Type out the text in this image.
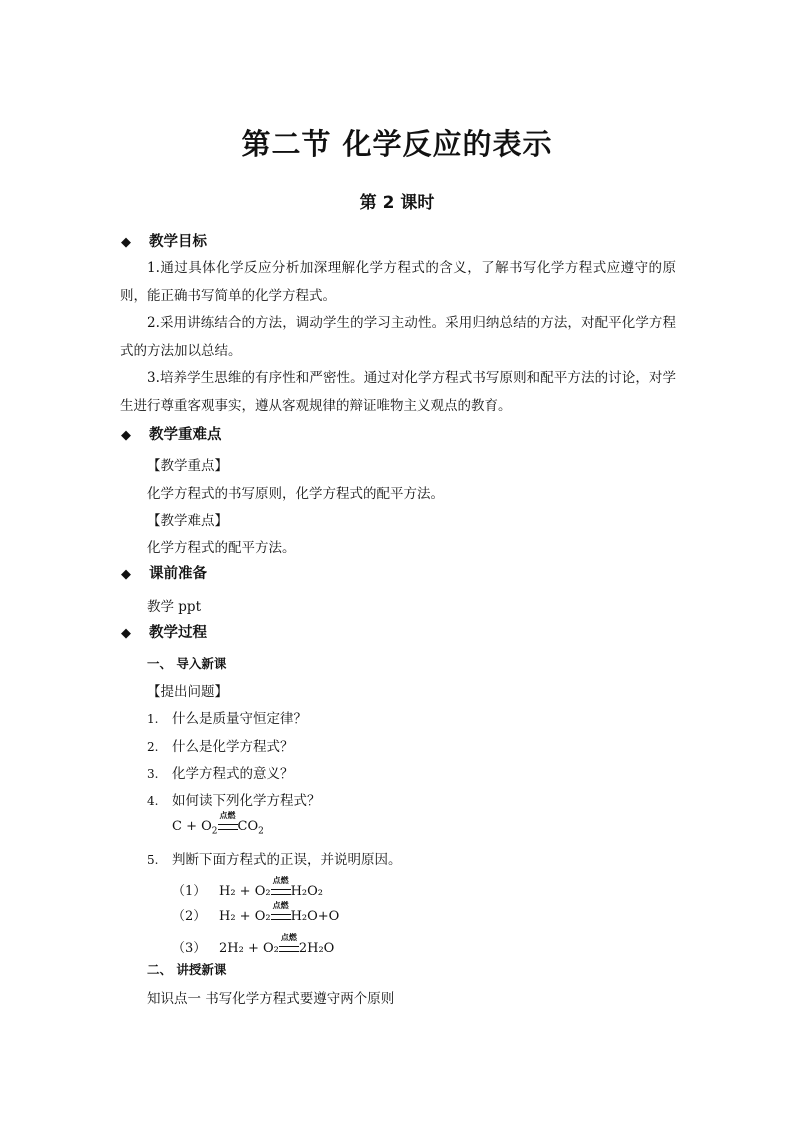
第二节 化学反应的表示
第 2 课时
◆ 教学目标
1.通过具体化学反应分析加深理解化学方程式的含义，了解书写化学方程式应遵守的原则，能正确书写简单的化学方程式。
2.采用讲练结合的方法，调动学生的学习主动性。采用归纳总结的方法，对配平化学方程式的方法加以总结。
3.培养学生思维的有序性和严密性。通过对化学方程式书写原则和配平方法的讨论，对学生进行尊重客观事实，遵从客观规律的辩证唯物主义观点的教育。
◆ 教学重难点
【教学重点】
化学方程式的书写原则，化学方程式的配平方法。
【教学难点】
化学方程式的配平方法。
◆ 课前准备
教学 ppt
◆ 教学过程
一、 导入新课
【提出问题】
1. 什么是质量守恒定律？
2. 什么是化学方程式？
3. 化学方程式的意义？
4. 如何读下列化学方程式？
$C + O_2$
点燃
$CO_2$
5. 判断下面方程式的正误，并说明原因。
（1） H₂ + O₂
点燃
H₂O₂
（2） H₂ + O₂
点燃
H₂O+O
（3） 2H₂ + O₂
点燃
2H₂O
二、 讲授新课
知识点一 书写化学方程式要遵守两个原则
